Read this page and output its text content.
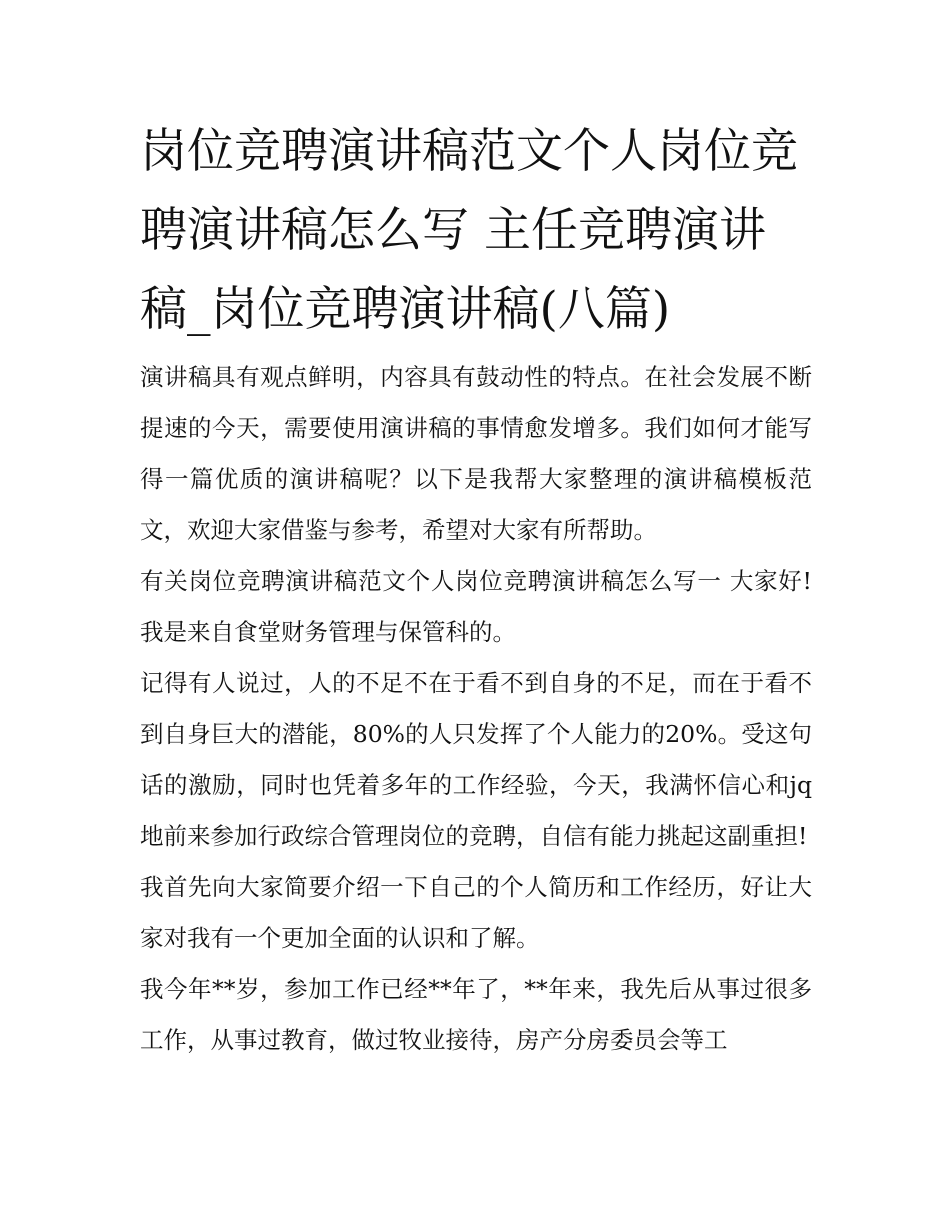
岗位竞聘演讲稿范文个人岗位竞聘演讲稿怎么写 主任竞聘演讲稿_岗位竞聘演讲稿(八篇)

演讲稿具有观点鲜明，内容具有鼓动性的特点。在社会发展不断提速的今天，需要使用演讲稿的事情愈发增多。我们如何才能写得一篇优质的演讲稿呢？以下是我帮大家整理的演讲稿模板范文，欢迎大家借鉴与参考，希望对大家有所帮助。

有关岗位竞聘演讲稿范文个人岗位竞聘演讲稿怎么写一 大家好! 我是来自食堂财务管理与保管科的。

记得有人说过，人的不足不在于看不到自身的不足，而在于看不到自身巨大的潜能，80%的人只发挥了个人能力的20%。受这句话的激励，同时也凭着多年的工作经验，今天，我满怀信心和jq地前来参加行政综合管理岗位的竞聘，自信有能力挑起这副重担!

我首先向大家简要介绍一下自己的个人简历和工作经历，好让大家对我有一个更加全面的认识和了解。

我今年**岁，参加工作已经**年了，**年来，我先后从事过很多工作，从事过教育，做过牧业接待，房产分房委员会等工
